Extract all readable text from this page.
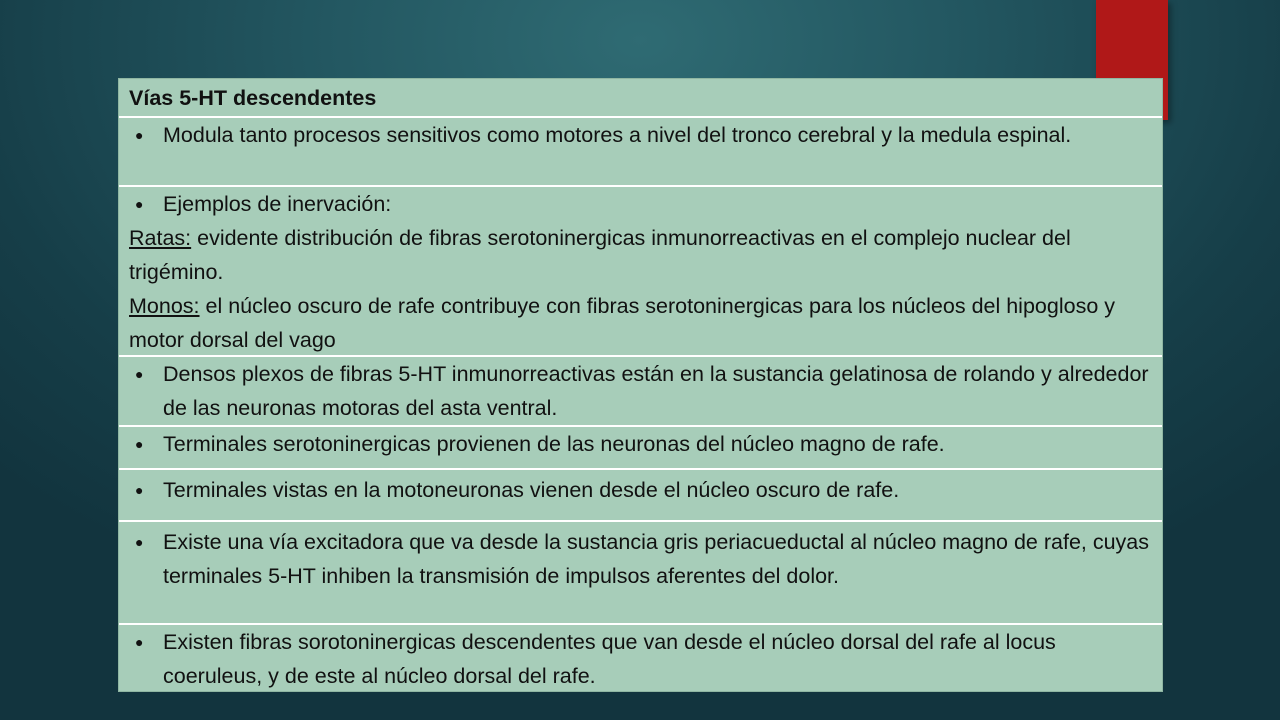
Vías 5-HT descendentes
● Modula tanto procesos sensitivos como motores a nivel del tronco cerebral y la medula espinal.
● Ejemplos de inervación:
Ratas: evidente distribución de fibras serotoninergicas inmunorreactivas en el complejo nuclear del trigémino.
Monos: el núcleo oscuro de rafe contribuye con fibras serotoninergicas para los núcleos del hipogloso y motor dorsal del vago
● Densos plexos de fibras 5-HT inmunorreactivas están en la sustancia gelatinosa de rolando y alrededor de las neuronas motoras del asta ventral.
● Terminales serotoninergicas provienen de las neuronas del núcleo magno de rafe.
● Terminales vistas en la motoneuronas vienen desde el núcleo oscuro de rafe.
● Existe una vía excitadora que va desde la sustancia gris periacueductal al núcleo magno de rafe, cuyas terminales 5-HT inhiben la transmisión de impulsos aferentes del dolor.
● Existen fibras sorotoninergicas descendentes que van desde el núcleo dorsal del rafe al locus coeruleus, y de este al núcleo dorsal del rafe.
